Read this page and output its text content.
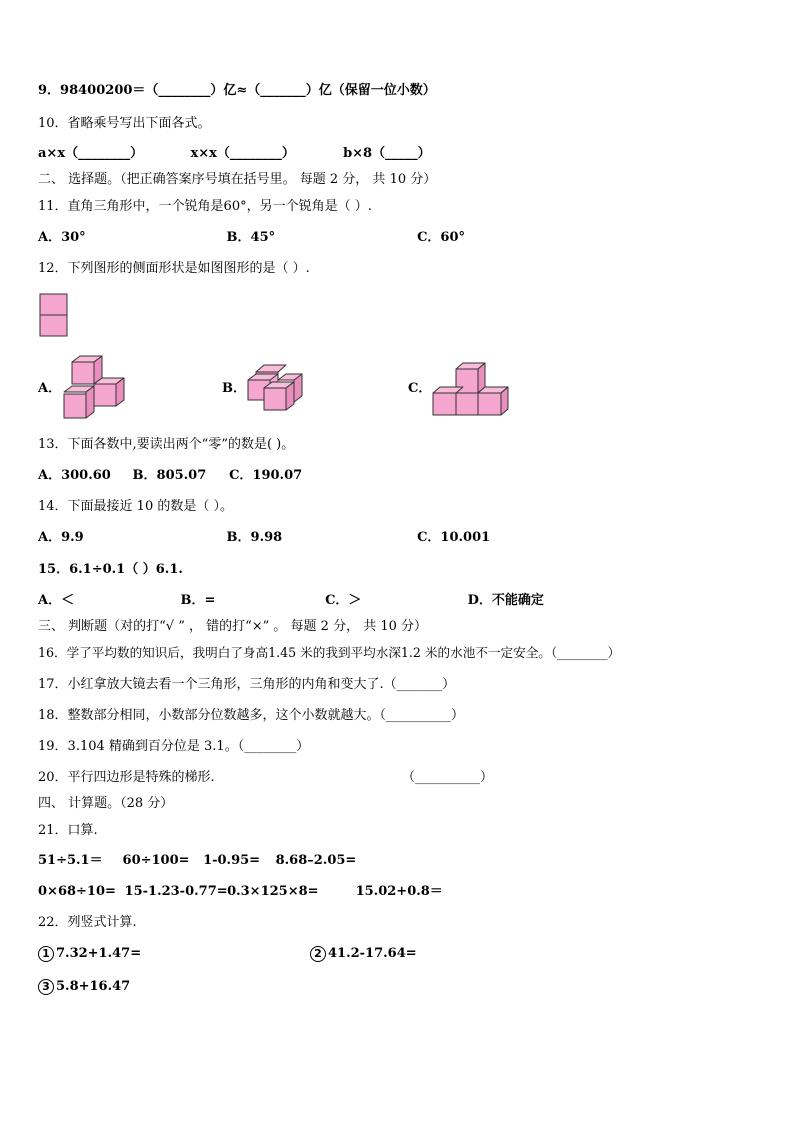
9．98400200＝（________）亿≈（_______）亿（保留一位小数）
10．省略乘号写出下面各式。
a×x（________）	x×x（________）	b×8（_____）
二、 选择题。（把正确答案序号填在括号里。 每题 2 分， 共 10 分）
11．直角三角形中，一个锐角是60°，另一个锐角是（ ）.
A．30°	B．45°	C．60°
12．下列图形的侧面形状是如图图形的是（ ）.
A．	B．	C．
13．下面各数中,要读出两个“零”的数是( )。
A．300.60 B．805.07 C．190.07
14．下面最接近 10 的数是（ ）。
A．9.9	B．9.98	C．10.001
15．6.1÷0.1（ ）6.1.
A．＜	B．=	C．＞	D．不能确定
三、 判断题（对的打“√ ” ， 错的打“×” 。 每题 2 分， 共 10 分）
16．学了平均数的知识后，我明白了身高1.45 米的我到平均水深1.2 米的水池不一定安全。（________）
17．小红拿放大镜去看一个三角形，三角形的内角和变大了.（_______）
18．整数部分相同，小数部分位数越多，这个小数就越大。（__________）
19．3.104 精确到百分位是 3.1。（________）
20．平行四边形是特殊的梯形.	（__________）
四、 计算题。（28 分）
21．口算.
51÷5.1＝ 60÷100= 1-0.95= 8.68–2.05=
0×68÷10= 15-1.23-0.77= 0.3×125×8=	15.02+0.8＝
22．列竖式计算.
1 7.32+1.47=	2 41.2-17.64=
3 5.8+16.47
